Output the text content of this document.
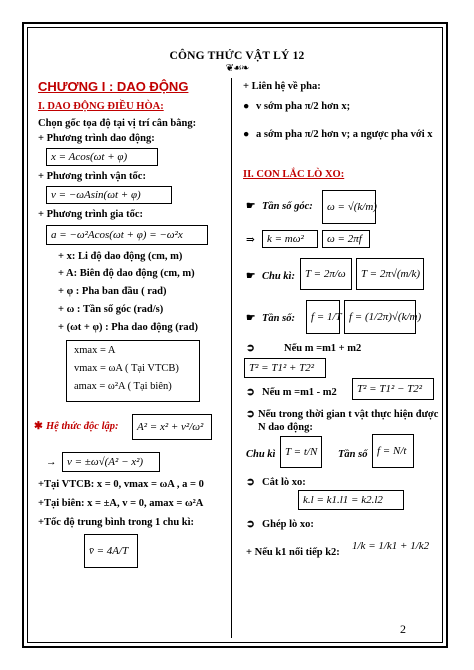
CÔNG THỨC VẬT LÝ 12
❦☙❧
CHƯƠNG I : DAO ĐỘNG
I. DAO ĐỘNG ĐIỀU HÒA:
Chọn gốc tọa độ tại vị trí cân bằng:
+ Phương trình dao động:
x = Acos(ωt + φ)
+ Phương trình vận tốc:
v = −ωAsin(ωt + φ)
+ Phương trình gia tốc:
a = −ω²Acos(ωt + φ) = −ω²x
+ x: Li độ dao động (cm, m)
+ A: Biên độ dao động (cm, m)
+ φ : Pha ban đầu ( rad)
+ ω : Tần số góc (rad/s)
+ (ωt + φ) : Pha dao động (rad)
xmax = A
vmax = ωA ( Tại VTCB)
amax = ω²A ( Tại biên)
✱ Hệ thức độc lập:	A² = x² + v²/ω²
→ v = ±ω√(A² − x²)
+Tại VTCB: x = 0, vmax = ωA , a = 0
+Tại biên: x = ±A, v = 0, amax = ω²A
+Tốc độ trung bình trong 1 chu kì:
v̄ = 4A/T
+ Liên hệ về pha:
● v sớm pha π/2 hơn x;
● a sớm pha π/2 hơn v; a ngược pha với x
II. CON LẮC LÒ XO:
☛ Tần số góc:	ω = √(k/m)
⇒	k = mω²	ω = 2πf
☛ Chu kì: T = 2π/ω	T = 2π√(m/k)
☛ Tần số:	f = 1/T f = (1/2π)√(k/m)
➲	Nếu m =m1 + m2
T² = T1² + T2²
➲ Nếu m =m1 - m2	T² = T1² − T2²
➲ Nếu trong thời gian t vật thực hiện được N dao động:
Chu kì T = t/N	Tần số f = N/t
➲ Cắt lò xo:
k.l = k1.l1 = k2.l2
➲ Ghép lò xo:
+ Nếu k1 nối tiếp k2:
1/k = 1/k1 + 1/k2
2
